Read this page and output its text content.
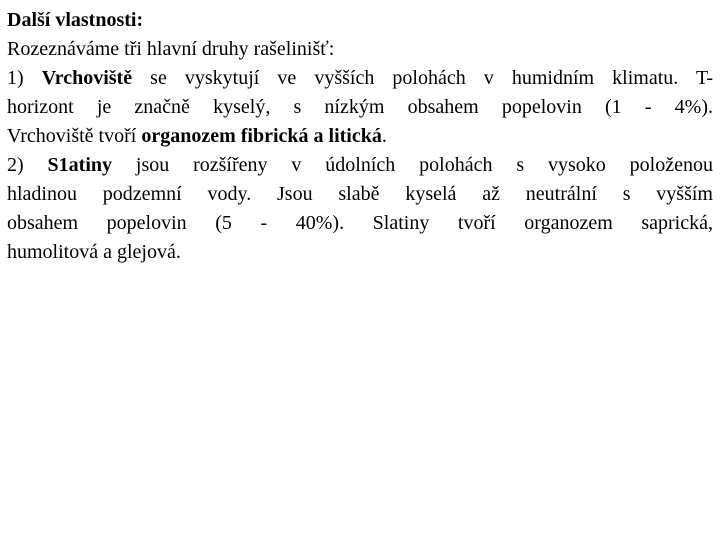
Další vlastnosti:
Rozeznáváme tři hlavní druhy rašelinišť:
1) Vrchoviště se vyskytují ve vyšších polohách v humidním klimatu. T-
horizont je značně kyselý, s nízkým obsahem popelovin (1 - 4%).
Vrchoviště tvoří organozem fibrická a litická.
2) S1atiny jsou rozšířeny v údolních polohách s vysoko položenou
hladinou podzemní vody. Jsou slabě kyselá až neutrální s vyšším
obsahem popelovin (5 - 40%). Slatiny tvoří organozem saprická,
humolitová a glejová.
